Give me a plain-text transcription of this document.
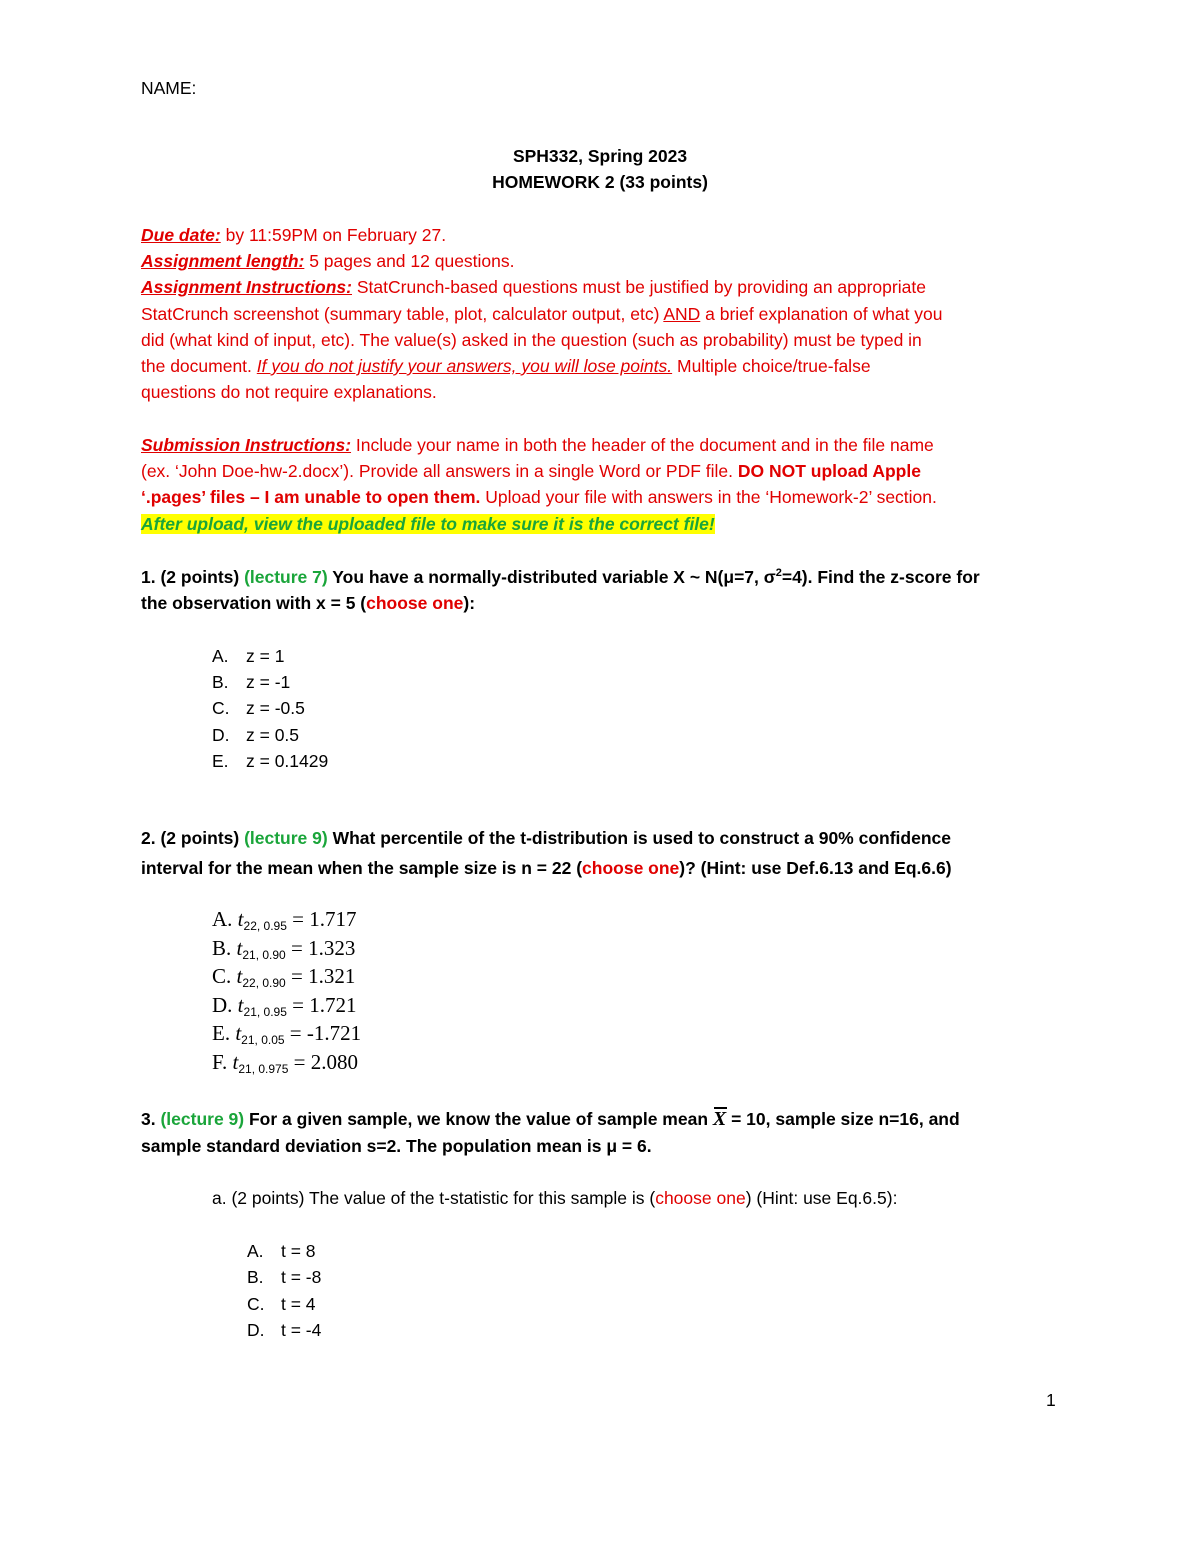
NAME:
SPH332, Spring 2023
HOMEWORK 2 (33 points)
Due date: by 11:59PM on February 27.
Assignment length: 5 pages and 12 questions.
Assignment Instructions: StatCrunch-based questions must be justified by providing an appropriate
StatCrunch screenshot (summary table, plot, calculator output, etc) AND a brief explanation of what you
did (what kind of input, etc). The value(s) asked in the question (such as probability) must be typed in
the document. If you do not justify your answers, you will lose points. Multiple choice/true-false
questions do not require explanations.
Submission Instructions: Include your name in both the header of the document and in the file name
(ex. ‘John Doe-hw-2.docx’). Provide all answers in a single Word or PDF file. DO NOT upload Apple
‘.pages’ files – I am unable to open them. Upload your file with answers in the ‘Homework-2’ section.
After upload, view the uploaded file to make sure it is the correct file!
1. (2 points) (lecture 7) You have a normally-distributed variable X ~ N(μ=7, $\sigma^2=4$). Find the z-score for
the observation with x = 5 (choose one):
A. z = 1
B. z = -1
C. z = -0.5
D. z = 0.5
E. z = 0.1429
2. (2 points) (lecture 9) What percentile of the t-distribution is used to construct a 90% confidence
interval for the mean when the sample size is n = 22 (choose one)? (Hint: use Def.6.13 and Eq.6.6)
A. $t_{22, 0.95} = 1.717$
B. $t_{21, 0.90} = 1.323$
C. $t_{22, 0.90} = 1.321$
D. $t_{21, 0.95} = 1.721$
E. $t_{21, 0.05} = -1.721$
F. $t_{21, 0.975} = 2.080$
3. (lecture 9) For a given sample, we know the value of sample mean X = 10, sample size n=16, and
sample standard deviation s=2. The population mean is μ = 6.
a. (2 points) The value of the t-statistic for this sample is (choose one) (Hint: use Eq.6.5):
A. t = 8
B. t = -8
C. t = 4
D. t = -4
1
